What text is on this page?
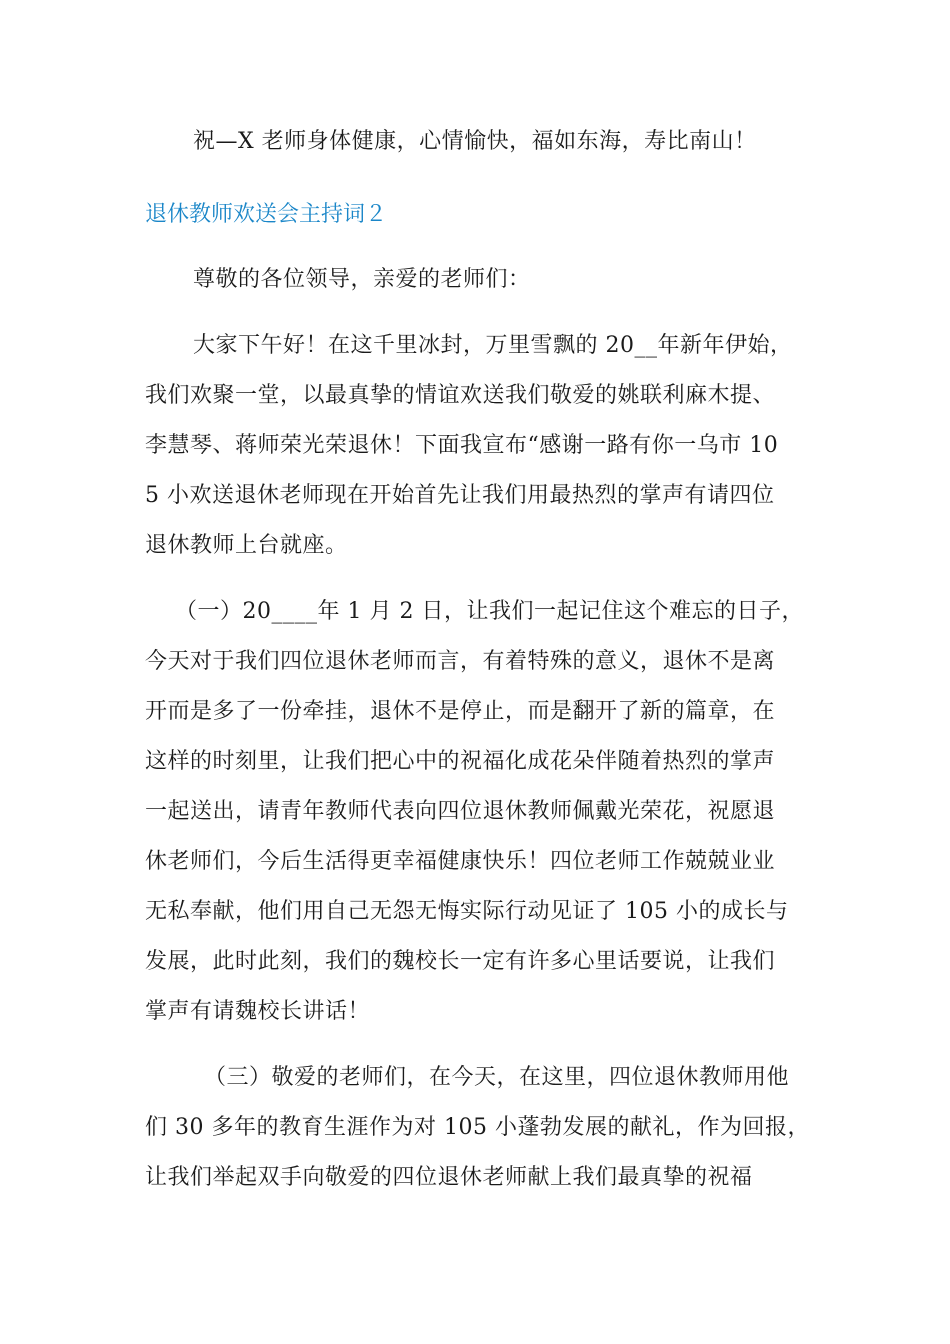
祝—X 老师身体健康，心情愉快，福如东海，寿比南山！
退休教师欢送会主持词２
尊敬的各位领导，亲爱的老师们：
大家下午好！在这千里冰封，万里雪飘的 20__年新年伊始，
我们欢聚一堂，以最真挚的情谊欢送我们敬爱的姚联利麻木提、
李慧琴、蒋师荣光荣退休！下面我宣布“感谢一路有你一乌市 10
5 小欢送退休老师现在开始首先让我们用最热烈的掌声有请四位
退休教师上台就座。
（一）20____年 1 月 2 日，让我们一起记住这个难忘的日子，
今天对于我们四位退休老师而言，有着特殊的意义，退休不是离
开而是多了一份牵挂，退休不是停止，而是翻开了新的篇章，在
这样的时刻里，让我们把心中的祝福化成花朵伴随着热烈的掌声
一起送出，请青年教师代表向四位退休教师佩戴光荣花，祝愿退
休老师们，今后生活得更幸福健康快乐！四位老师工作兢兢业业
无私奉献，他们用自己无怨无悔实际行动见证了 105 小的成长与
发展，此时此刻，我们的魏校长一定有许多心里话要说，让我们
掌声有请魏校长讲话！
（三）敬爱的老师们，在今天，在这里，四位退休教师用他
们 30 多年的教育生涯作为对 105 小蓬勃发展的献礼，作为回报，
让我们举起双手向敬爱的四位退休老师献上我们最真挚的祝福
